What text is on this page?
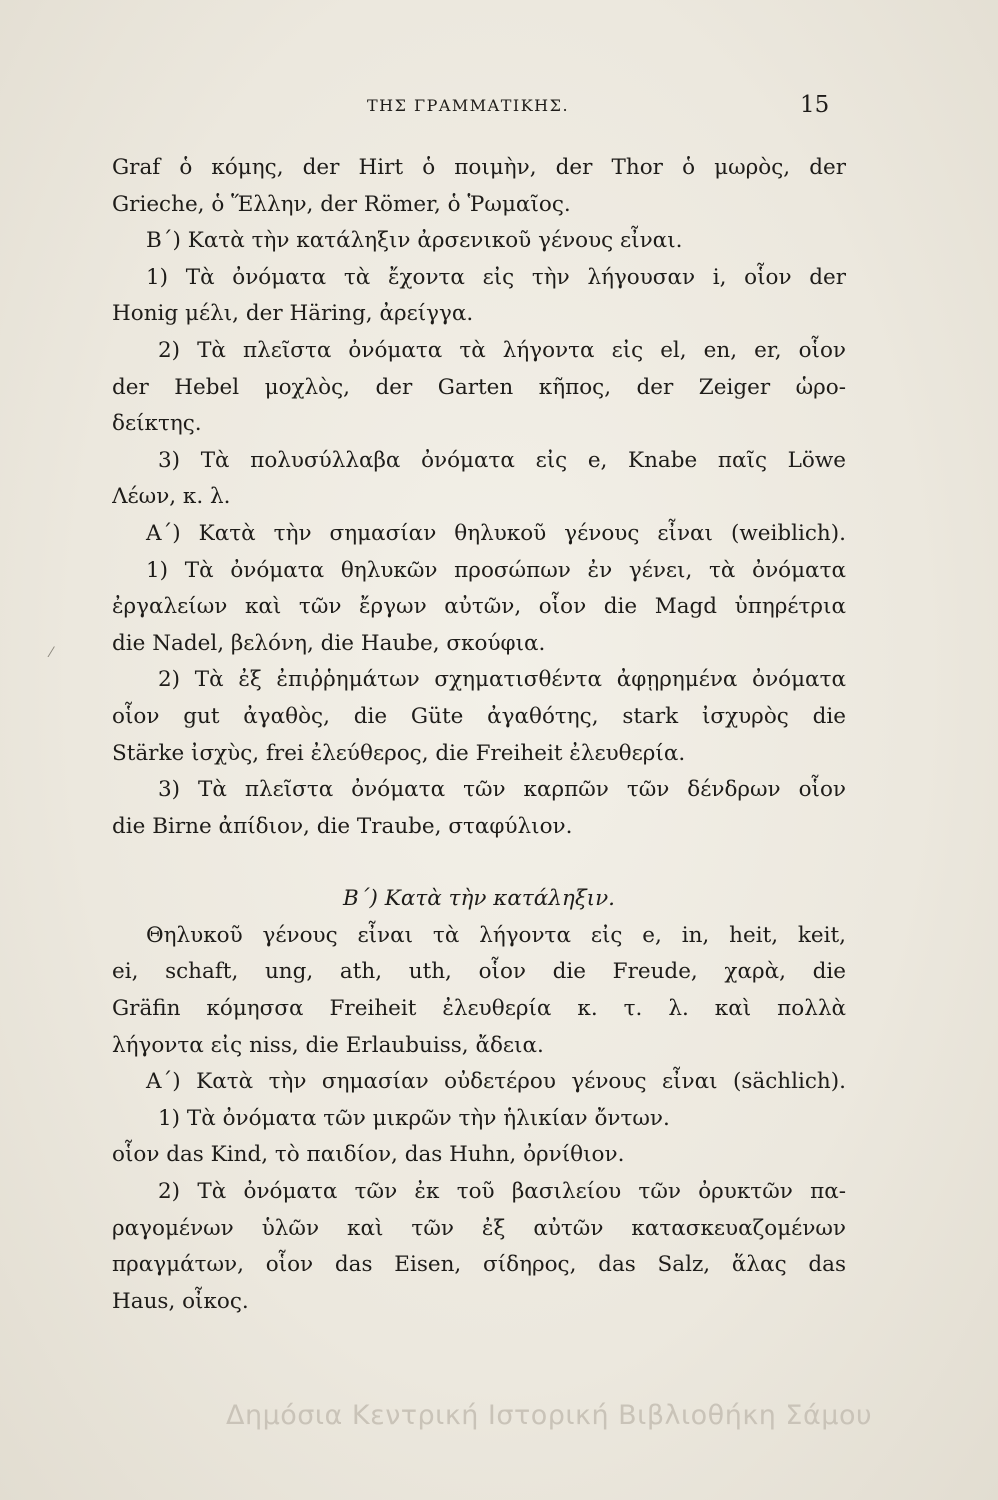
ΤΗΣ ΓΡΑΜΜΑΤΙΚΗΣ.	15
Graf ὁ κόμης, der Hirt ὁ ποιμὴν, der Thor ὁ μωρὸς, der
Grieche, ὁ Ἕλλην, der Römer, ὁ Ῥωμαῖος.
Β΄) Κατὰ τὴν κατάληξιν ἀρσενικοῦ γένους εἶναι.
1) Τὰ ὀνόματα τὰ ἔχοντα εἰς τὴν λήγουσαν i, οἷον der
Honig μέλι, der Häring, ἀρείγγα.
2) Τὰ πλεῖστα ὀνόματα τὰ λήγοντα εἰς el, en, er, οἷον
der Hebel μοχλὸς, der Garten κῆπος, der Zeiger ὡρο-
δείκτης.
3) Τὰ πολυσύλλαβα ὀνόματα εἰς e, Knabe παῖς Löwe
Λέων, κ. λ.
Α΄) Κατὰ τὴν σημασίαν θηλυκοῦ γένους εἶναι (weiblich).
1) Τὰ ὀνόματα θηλυκῶν προσώπων ἐν γένει, τὰ ὀνόματα
ἐργαλείων καὶ τῶν ἔργων αὐτῶν, οἷον die Magd ὑπηρέτρια
die Nadel, βελόνη, die Haube, σκούφια.
2) Τὰ ἐξ ἐπιῤῥημάτων σχηματισθέντα ἀφῃρημένα ὀνόματα
οἷον gut ἀγαθὸς, die Güte ἀγαθότης, stark ἰσχυρὸς die
Stärke ἰσχὺς, frei ἐλεύθερος, die Freiheit ἐλευθερία.
3) Τὰ πλεῖστα ὀνόματα τῶν καρπῶν τῶν δένδρων οἷον
die Birne ἀπίδιον, die Traube, σταφύλιον.
Β΄) Κατὰ τὴν κατάληξιν.
Θηλυκοῦ γένους εἶναι τὰ λήγοντα εἰς e, in, heit, keit,
ei, schaft, ung, ath, uth, οἷον die Freude, χαρὰ, die
Gräfin κόμησσα Freiheit ἐλευθερία κ. τ. λ. καὶ πολλὰ
λήγοντα εἰς niss, die Erlaubuiss, ἄδεια.
Α΄) Κατὰ τὴν σημασίαν οὐδετέρου γένους εἶναι (sächlich).
1) Τὰ ὀνόματα τῶν μικρῶν τὴν ἡλικίαν ὄντων.
οἷον das Kind, τὸ παιδίον, das Huhn, ὀρνίθιον.
2) Τὰ ὀνόματα τῶν ἐκ τοῦ βασιλείου τῶν ὀρυκτῶν πα-
ραγομένων ὑλῶν καὶ τῶν ἐξ αὐτῶν κατασκευαζομένων
πραγμάτων, οἷον das Eisen, σίδηρος, das Salz, ἅλας das
Haus, οἶκος.
⁄
Δημόσια Κεντρική Ιστορική Βιβλιοθήκη Σάμου
